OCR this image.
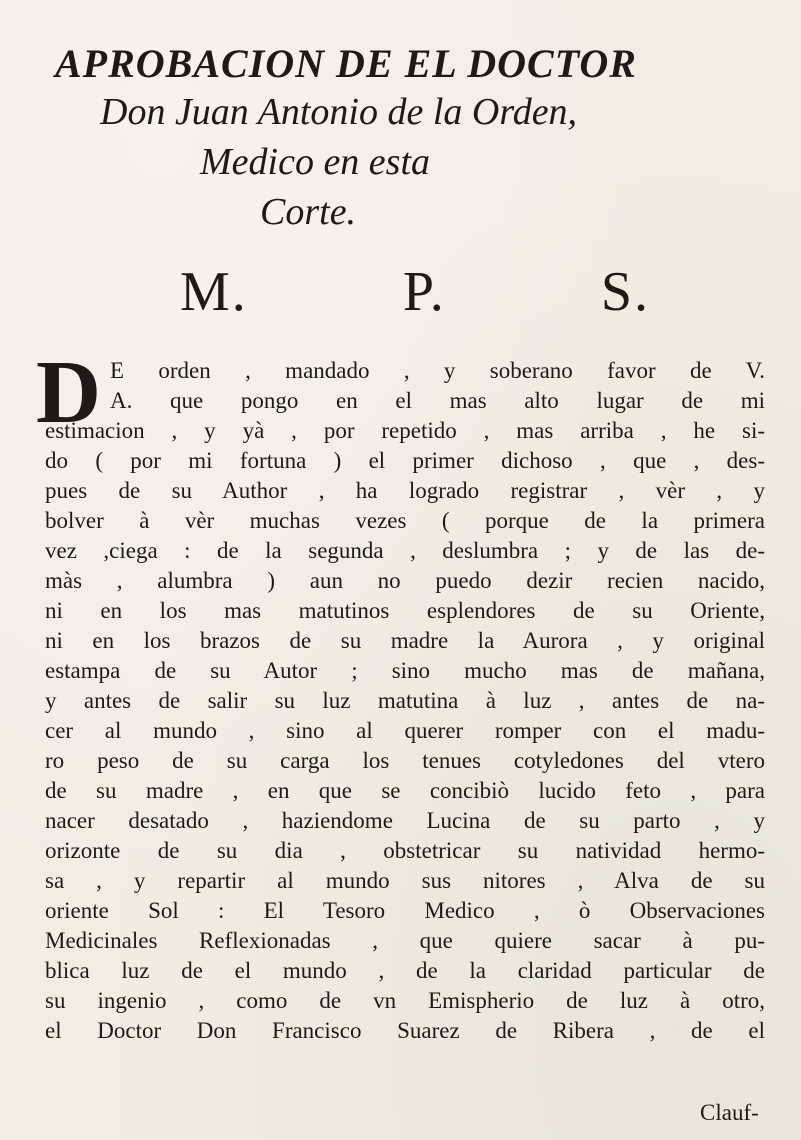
APROBACION DE EL DOCTOR
Don Juan Antonio de la Orden,
Medico en esta
Corte.
M.	P.	S.
D E orden , mandado , y soberano favor de V.
A. que pongo en el mas alto lugar de mi
estimacion , y yà , por repetido , mas arriba , he si-
do ( por mi fortuna ) el primer dichoso , que , des-
pues de su Author , ha logrado registrar , vèr , y
bolver à vèr muchas vezes ( porque de la primera
vez ,ciega : de la segunda , deslumbra ; y de las de-
màs , alumbra ) aun no puedo dezir recien nacido,
ni en los mas matutinos esplendores de su Oriente,
ni en los brazos de su madre la Aurora , y original
estampa de su Autor ; sino mucho mas de mañana,
y antes de salir su luz matutina à luz , antes de na-
cer al mundo , sino al querer romper con el madu-
ro peso de su carga los tenues cotyledones del vtero
de su madre , en que se concibiò lucido feto , para
nacer desatado , haziendome Lucina de su parto , y
orizonte de su dia , obstetricar su natividad hermo-
sa , y repartir al mundo sus nitores , Alva de su
oriente Sol : El Tesoro Medico , ò Observaciones
Medicinales Reflexionadas , que quiere sacar à pu-
blica luz de el mundo , de la claridad particular de
su ingenio , como de vn Emispherio de luz à otro,
el Doctor Don Francisco Suarez de Ribera , de el
Clauf-
